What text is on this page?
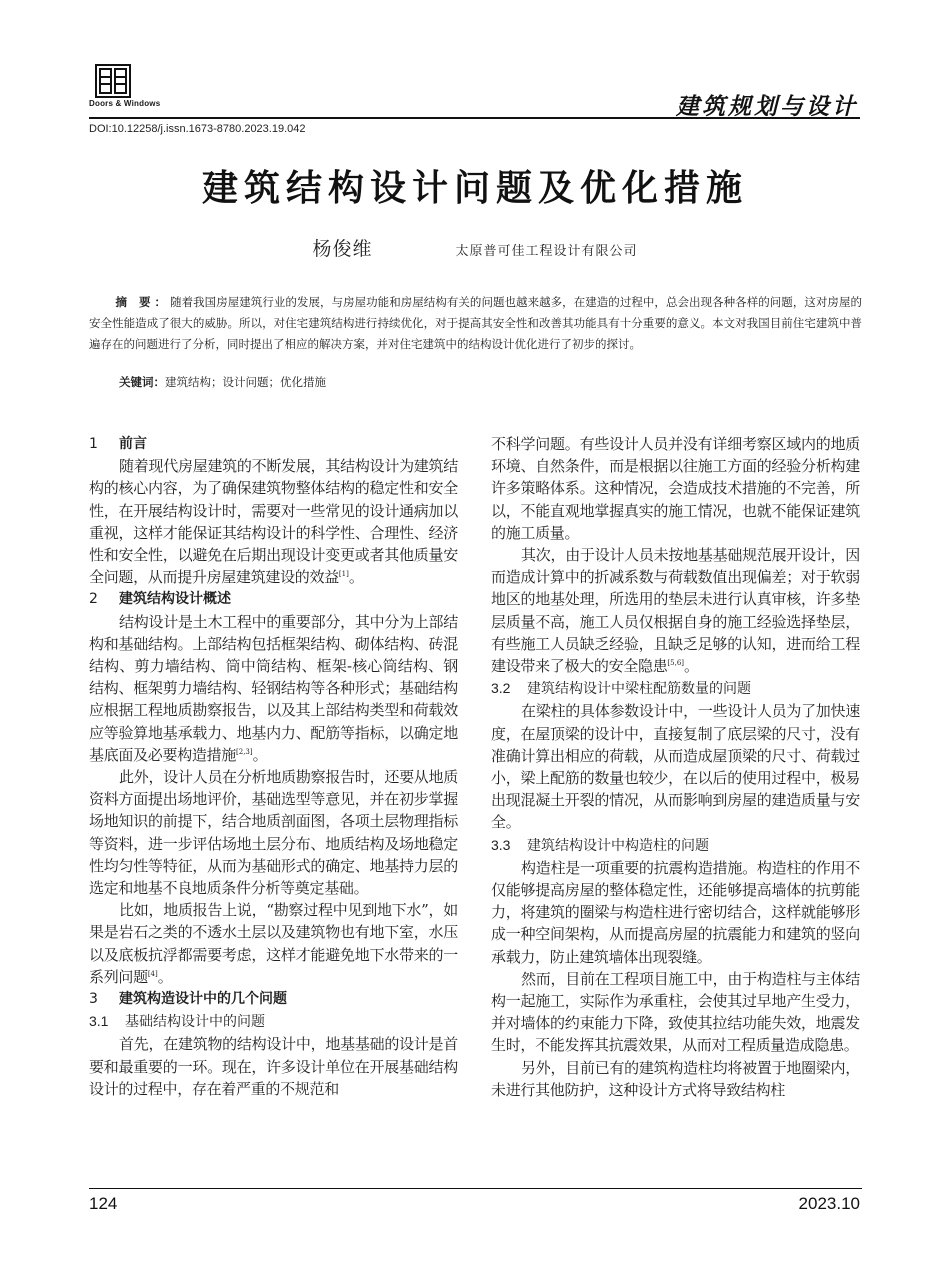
Doors & Windows	建筑规划与设计
DOI:10.12258/j.issn.1673-8780.2023.19.042
建筑结构设计问题及优化措施
杨俊维	太原普可佳工程设计有限公司
摘 要：随着我国房屋建筑行业的发展，与房屋功能和房屋结构有关的问题也越来越多，在建造的过程中，总会出现各种各样的问题，这对房屋的安全性能造成了很大的威胁。所以，对住宅建筑结构进行持续优化，对于提高其安全性和改善其功能具有十分重要的意义。本文对我国目前住宅建筑中普遍存在的问题进行了分析，同时提出了相应的解决方案，并对住宅建筑中的结构设计优化进行了初步的探讨。
关键词：建筑结构；设计问题；优化措施
1 前言

随着现代房屋建筑的不断发展，其结构设计为建筑结构的核心内容，为了确保建筑物整体结构的稳定性和安全性，在开展结构设计时，需要对一些常见的设计通病加以重视，这样才能保证其结构设计的科学性、合理性、经济性和安全性，以避免在后期出现设计变更或者其他质量安全问题，从而提升房屋建筑建设的效益[1]。

2 建筑结构设计概述

结构设计是土木工程中的重要部分，其中分为上部结构和基础结构。上部结构包括框架结构、砌体结构、砖混结构、剪力墙结构、筒中筒结构、框架-核心筒结构、钢结构、框架剪力墙结构、轻钢结构等各种形式；基础结构应根据工程地质勘察报告，以及其上部结构类型和荷载效应等验算地基承载力、地基内力、配筋等指标，以确定地基底面及必要构造措施[2,3]。

此外，设计人员在分析地质勘察报告时，还要从地质资料方面提出场地评价，基础选型等意见，并在初步掌握场地知识的前提下，结合地质剖面图，各项土层物理指标等资料，进一步评估场地土层分布、地质结构及场地稳定性均匀性等特征，从而为基础形式的确定、地基持力层的选定和地基不良地质条件分析等奠定基础。

比如，地质报告上说，“勘察过程中见到地下水”，如果是岩石之类的不透水土层以及建筑物也有地下室，水压以及底板抗浮都需要考虑，这样才能避免地下水带来的一系列问题[4]。

3 建筑构造设计中的几个问题
3.1 基础结构设计中的问题

首先，在建筑物的结构设计中，地基基础的设计是首要和最重要的一环。现在，许多设计单位在开展基础结构设计的过程中，存在着严重的不规范和

不科学问题。有些设计人员并没有详细考察区域内的地质环境、自然条件，而是根据以往施工方面的经验分析构建许多策略体系。这种情况，会造成技术措施的不完善，所以，不能直观地掌握真实的施工情况，也就不能保证建筑的施工质量。

其次，由于设计人员未按地基基础规范展开设计，因而造成计算中的折减系数与荷载数值出现偏差；对于软弱地区的地基处理，所选用的垫层未进行认真审核，许多垫层质量不高，施工人员仅根据自身的施工经验选择垫层，有些施工人员缺乏经验，且缺乏足够的认知，进而给工程建设带来了极大的安全隐患[5,6]。

3.2 建筑结构设计中梁柱配筋数量的问题

在梁柱的具体参数设计中，一些设计人员为了加快速度，在屋顶梁的设计中，直接复制了底层梁的尺寸，没有准确计算出相应的荷载，从而造成屋顶梁的尺寸、荷载过小，梁上配筋的数量也较少，在以后的使用过程中，极易出现混凝土开裂的情况，从而影响到房屋的建造质量与安全。

3.3 建筑结构设计中构造柱的问题

构造柱是一项重要的抗震构造措施。构造柱的作用不仅能够提高房屋的整体稳定性，还能够提高墙体的抗剪能力，将建筑的圈梁与构造柱进行密切结合，这样就能够形成一种空间架构，从而提高房屋的抗震能力和建筑的竖向承载力，防止建筑墙体出现裂缝。

然而，目前在工程项目施工中，由于构造柱与主体结构一起施工，实际作为承重柱，会使其过早地产生受力，并对墙体的约束能力下降，致使其拉结功能失效，地震发生时，不能发挥其抗震效果，从而对工程质量造成隐患。

另外，目前已有的建筑构造柱均将被置于地圈梁内，未进行其他防护，这种设计方式将导致结构柱

124	2023.10
